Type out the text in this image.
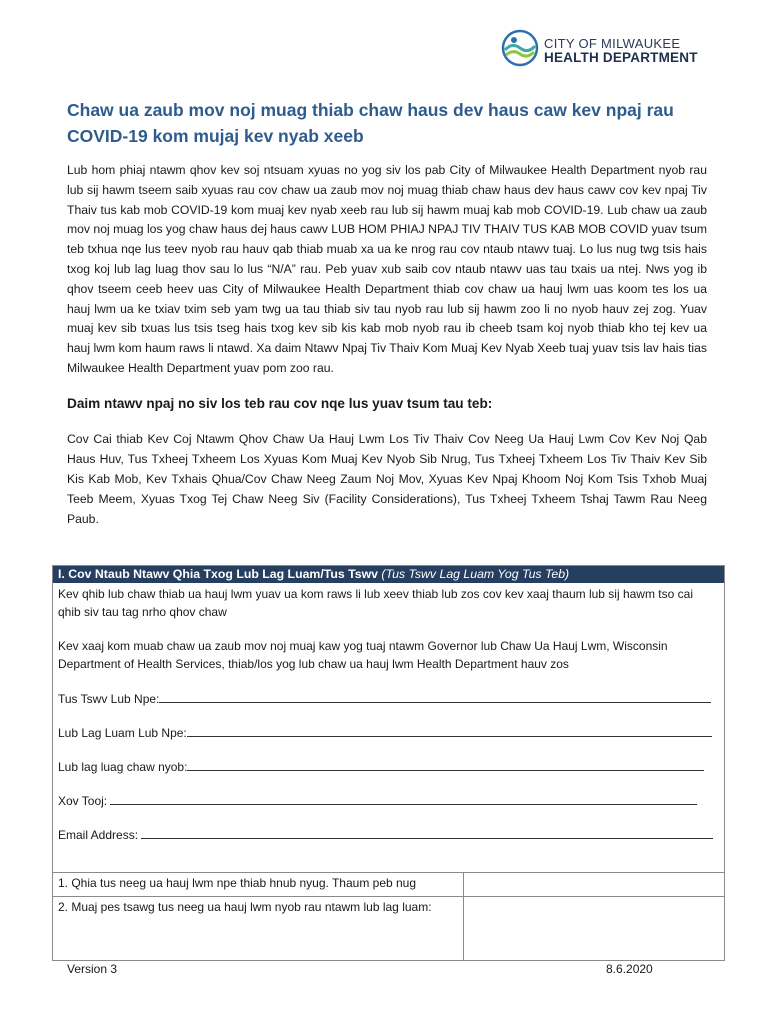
CITY OF MILWAUKEE
HEALTH DEPARTMENT
Chaw ua zaub mov noj muag thiab chaw haus dev haus caw kev npaj rau COVID-19 kom mujaj kev nyab xeeb

Lub hom phiaj ntawm qhov kev soj ntsuam xyuas no yog siv los pab City of Milwaukee Health Department nyob rau lub sij hawm tseem saib xyuas rau cov chaw ua zaub mov noj muag thiab chaw haus dev haus cawv cov kev npaj Tiv Thaiv tus kab mob COVID-19 kom muaj kev nyab xeeb rau lub sij hawm muaj kab mob COVID-19. Lub chaw ua zaub mov noj muag los yog chaw haus dej haus cawv LUB HOM PHIAJ NPAJ TIV THAIV TUS KAB MOB COVID yuav tsum teb txhua nqe lus teev nyob rau hauv qab thiab muab xa ua ke nrog rau cov ntaub ntawv tuaj. Lo lus nug twg tsis hais txog koj lub lag luag thov sau lo lus “N/A” rau. Peb yuav xub saib cov ntaub ntawv uas tau txais ua ntej. Nws yog ib qhov tseem ceeb heev uas City of Milwaukee Health Department thiab cov chaw ua hauj lwm uas koom tes los ua hauj lwm ua ke txiav txim seb yam twg ua tau thiab siv tau nyob rau lub sij hawm zoo li no nyob hauv zej zog. Yuav muaj kev sib txuas lus tsis tseg hais txog kev sib kis kab mob nyob rau ib cheeb tsam koj nyob thiab kho tej kev ua hauj lwm kom haum raws li ntawd. Xa daim Ntawv Npaj Tiv Thaiv Kom Muaj Kev Nyab Xeeb tuaj yuav tsis lav hais tias Milwaukee Health Department yuav pom zoo rau.

Daim ntawv npaj no siv los teb rau cov nqe lus yuav tsum tau teb:

Cov Cai thiab Kev Coj Ntawm Qhov Chaw Ua Hauj Lwm Los Tiv Thaiv Cov Neeg Ua Hauj Lwm Cov Kev Noj Qab Haus Huv, Tus Txheej Txheem Los Xyuas Kom Muaj Kev Nyob Sib Nrug, Tus Txheej Txheem Los Tiv Thaiv Kev Sib Kis Kab Mob, Kev Txhais Qhua/Cov Chaw Neeg Zaum Noj Mov, Xyuas Kev Npaj Khoom Noj Kom Tsis Txhob Muaj Teeb Meem, Xyuas Txog Tej Chaw Neeg Siv (Facility Considerations), Tus Txheej Txheem Tshaj Tawm Rau Neeg Paub.

I. Cov Ntaub Ntawv Qhia Txog Lub Lag Luam/Tus Tswv (Tus Tswv Lag Luam Yog Tus Teb)

Kev qhib lub chaw thiab ua hauj lwm yuav ua kom raws li lub xeev thiab lub zos cov kev xaaj thaum lub sij hawm tso cai qhib siv tau tag nrho qhov chaw

Kev xaaj kom muab chaw ua zaub mov noj muaj kaw yog tuaj ntawm Governor lub Chaw Ua Hauj Lwm, Wisconsin Department of Health Services, thiab/los yog lub chaw ua hauj lwm Health Department hauv zos

Tus Tswv Lub Npe:
Lub Lag Luam Lub Npe:
Lub lag luag chaw nyob:
Xov Tooj:
Email Address:
1. Qhia tus neeg ua hauj lwm npe thiab hnub nyug. Thaum peb nug	
2. Muaj pes tsawg tus neeg ua hauj lwm nyob rau ntawm lub lag luam:	
Version 3	8.6.2020
